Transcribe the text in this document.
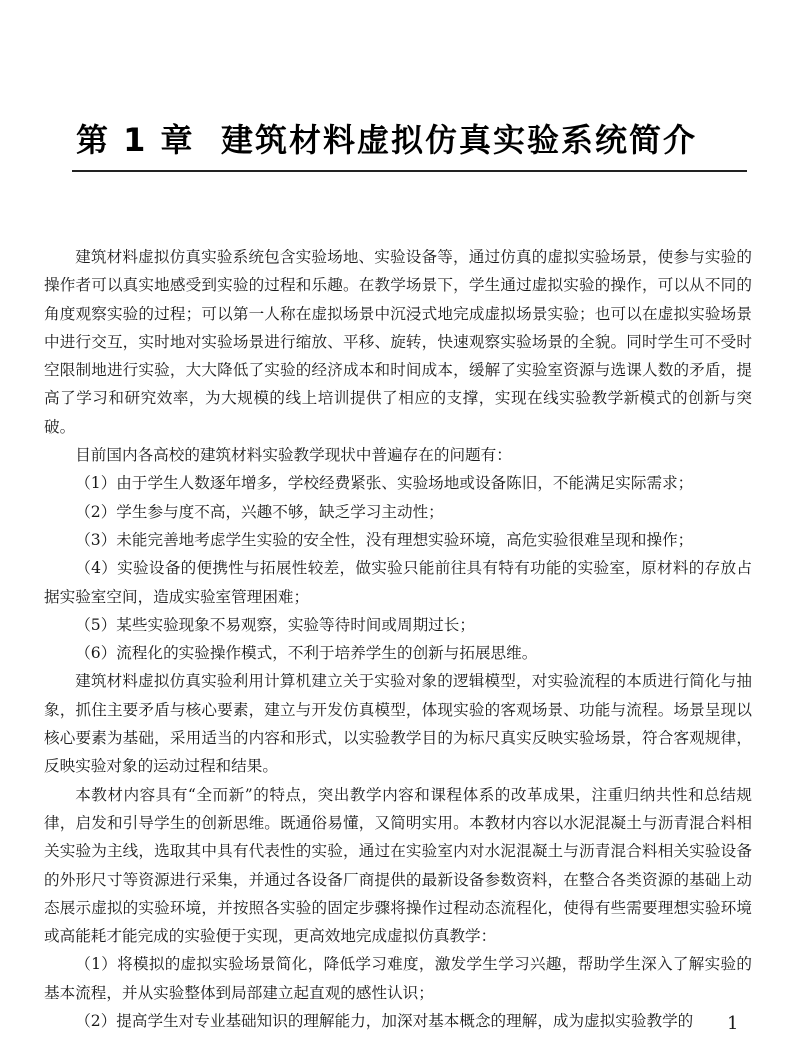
第 1 章 建筑材料虚拟仿真实验系统简介

建筑材料虚拟仿真实验系统包含实验场地、实验设备等，通过仿真的虚拟实验场景，使参与实验的操作者可以真实地感受到实验的过程和乐趣。在教学场景下，学生通过虚拟实验的操作，可以从不同的角度观察实验的过程；可以第一人称在虚拟场景中沉浸式地完成虚拟场景实验；也可以在虚拟实验场景中进行交互，实时地对实验场景进行缩放、平移、旋转，快速观察实验场景的全貌。同时学生可不受时空限制地进行实验，大大降低了实验的经济成本和时间成本，缓解了实验室资源与选课人数的矛盾，提高了学习和研究效率，为大规模的线上培训提供了相应的支撑，实现在线实验教学新模式的创新与突破。

目前国内各高校的建筑材料实验教学现状中普遍存在的问题有：

（1）由于学生人数逐年增多，学校经费紧张、实验场地或设备陈旧，不能满足实际需求；

（2）学生参与度不高，兴趣不够，缺乏学习主动性；

（3）未能完善地考虑学生实验的安全性，没有理想实验环境，高危实验很难呈现和操作；

（4）实验设备的便携性与拓展性较差，做实验只能前往具有特有功能的实验室，原材料的存放占据实验室空间，造成实验室管理困难；

（5）某些实验现象不易观察，实验等待时间或周期过长；

（6）流程化的实验操作模式，不利于培养学生的创新与拓展思维。

建筑材料虚拟仿真实验利用计算机建立关于实验对象的逻辑模型，对实验流程的本质进行简化与抽象，抓住主要矛盾与核心要素，建立与开发仿真模型，体现实验的客观场景、功能与流程。场景呈现以核心要素为基础，采用适当的内容和形式，以实验教学目的为标尺真实反映实验场景，符合客观规律，反映实验对象的运动过程和结果。

本教材内容具有“全而新”的特点，突出教学内容和课程体系的改革成果，注重归纳共性和总结规律，启发和引导学生的创新思维。既通俗易懂，又简明实用。本教材内容以水泥混凝土与沥青混合料相关实验为主线，选取其中具有代表性的实验，通过在实验室内对水泥混凝土与沥青混合料相关实验设备的外形尺寸等资源进行采集，并通过各设备厂商提供的最新设备参数资料，在整合各类资源的基础上动态展示虚拟的实验环境，并按照各实验的固定步骤将操作过程动态流程化，使得有些需要理想实验环境或高能耗才能完成的实验便于实现，更高效地完成虚拟仿真教学：

（1）将模拟的虚拟实验场景简化，降低学习难度，激发学生学习兴趣，帮助学生深入了解实验的基本流程，并从实验整体到局部建立起直观的感性认识；

（2）提高学生对专业基础知识的理解能力，加深对基本概念的理解，成为虚拟实验教学的	1
